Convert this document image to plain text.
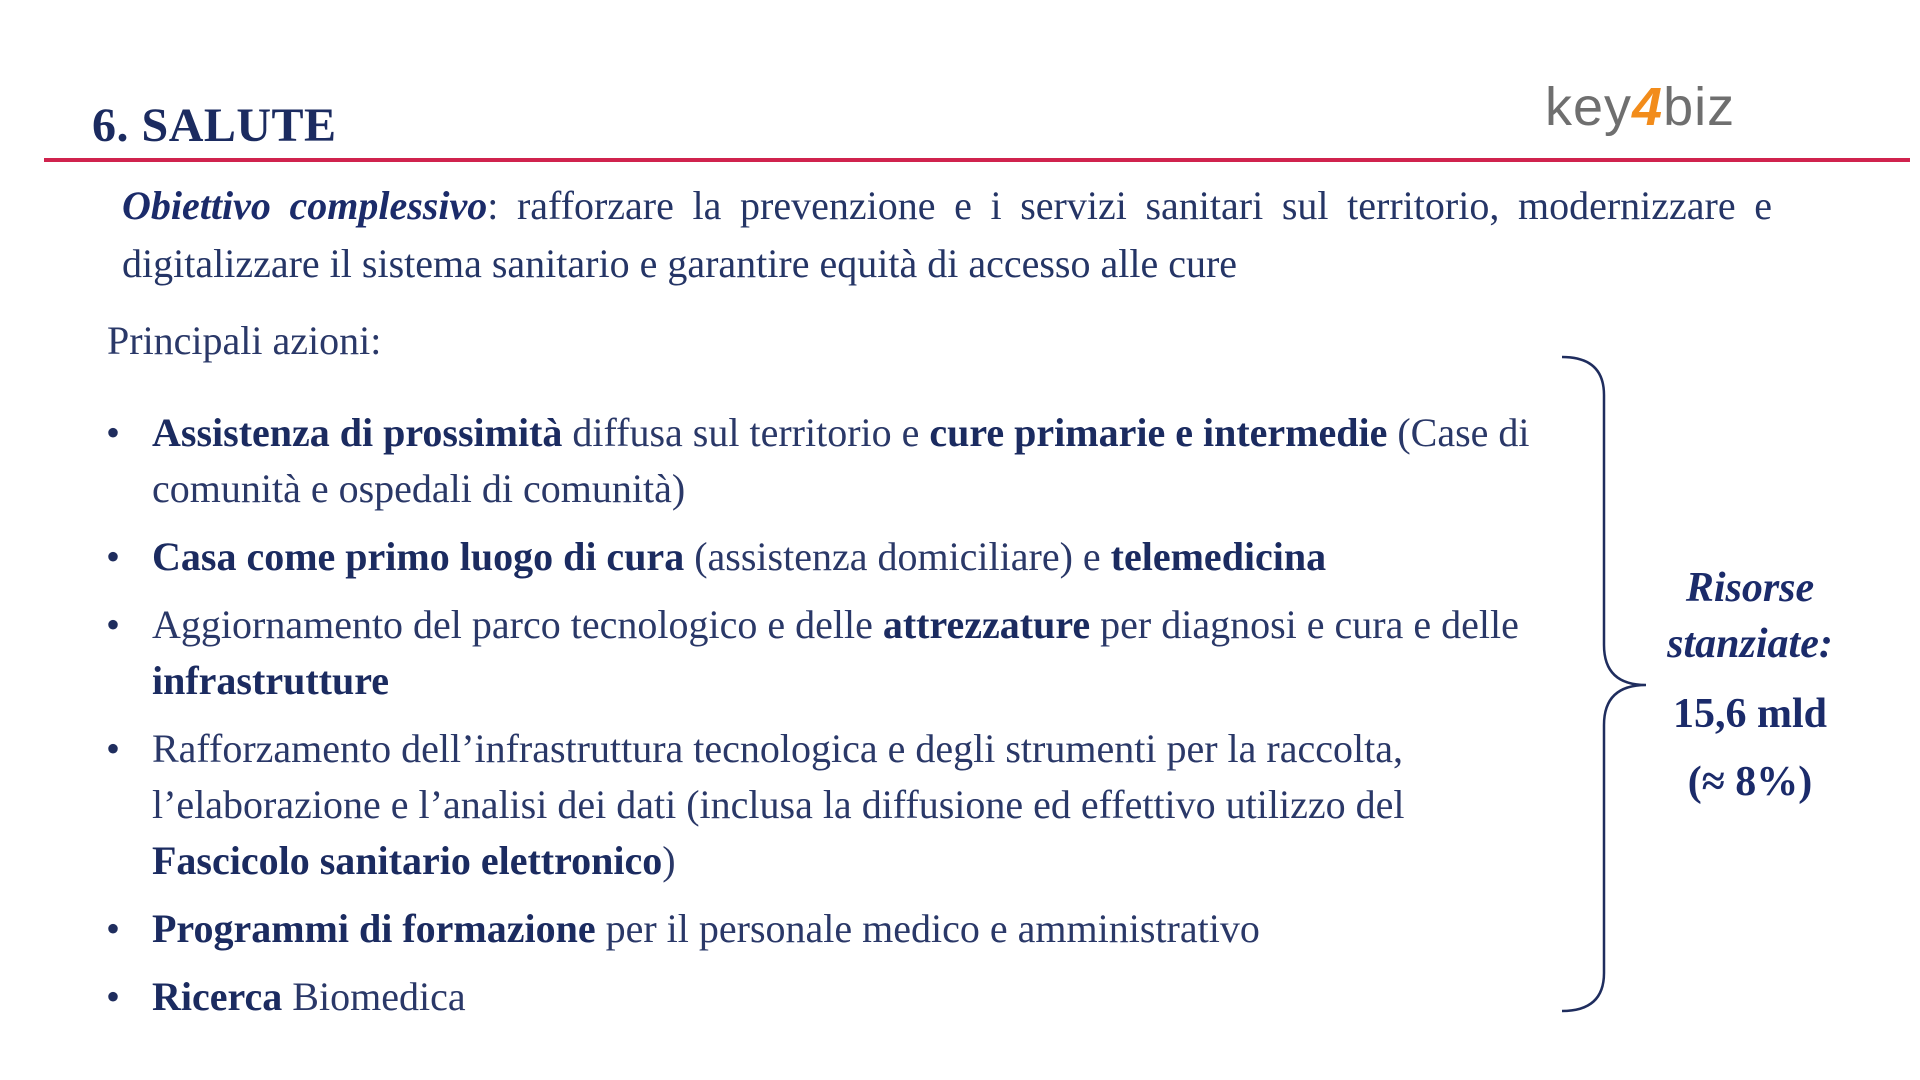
6. SALUTE	key4biz
Obiettivo complessivo: rafforzare la prevenzione e i servizi sanitari sul territorio, modernizzare e digitalizzare il sistema sanitario e garantire equità di accesso alle cure
Principali azioni:
• Assistenza di prossimità diffusa sul territorio e cure primarie e intermedie (Case di comunità e ospedali di comunità)
• Casa come primo luogo di cura (assistenza domiciliare) e telemedicina
• Aggiornamento del parco tecnologico e delle attrezzature per diagnosi e cura e delle infrastrutture
• Rafforzamento dell’infrastruttura tecnologica e degli strumenti per la raccolta, l’elaborazione e l’analisi dei dati (inclusa la diffusione ed effettivo utilizzo del Fascicolo sanitario elettronico)
• Programmi di formazione per il personale medico e amministrativo
• Ricerca Biomedica
Risorse
stanziate:
15,6 mld
(≈ 8%)
